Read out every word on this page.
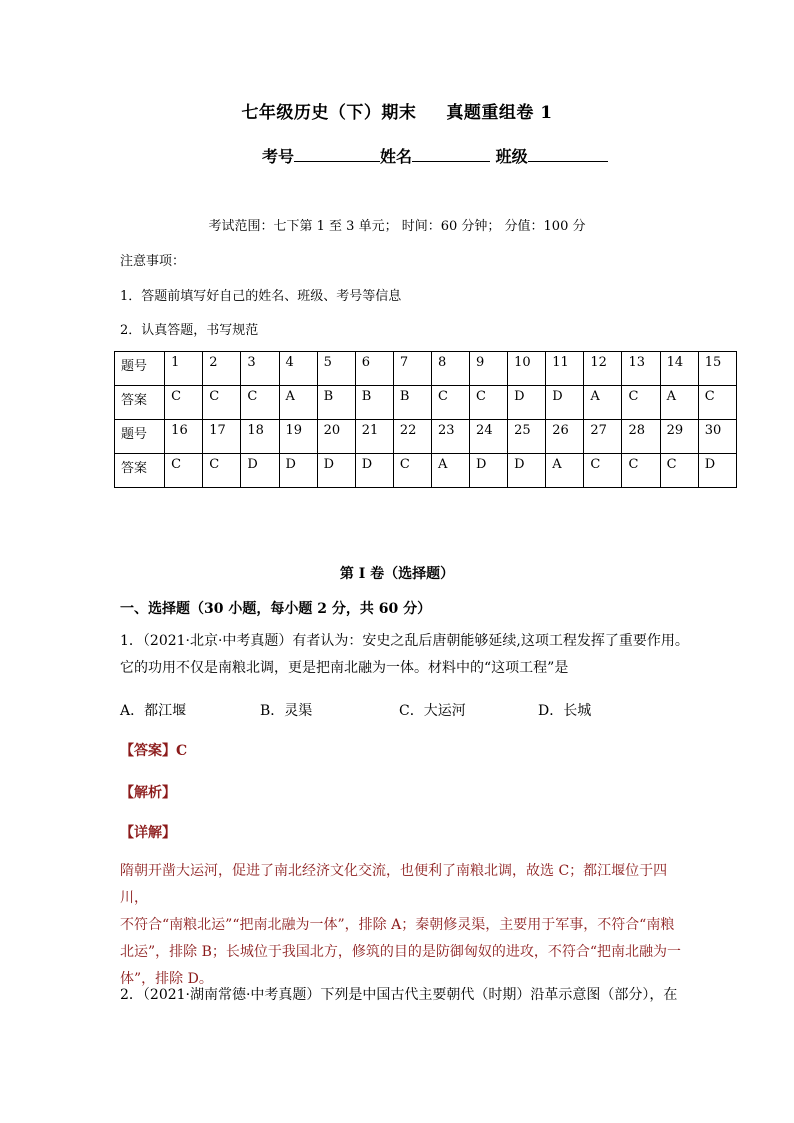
七年级历史（下）期末 真题重组卷 1
考号	姓名	班级
考试范围：七下第 1 至 3 单元； 时间：60 分钟； 分值：100 分
注意事项：
1．答题前填写好自己的姓名、班级、考号等信息
2．认真答题，书写规范
题号	1	2	3	4	5	6	7	8	9	10	11	12	13	14	15
答案	C	C	C	A	B	B	B	C	C	D	D	A	C	A	C
题号	16	17	18	19	20	21	22	23	24	25	26	27	28	29	30
答案	C	C	D	D	D	D	C	A	D	D	A	C	C	C	D
第 I 卷（选择题）
一、选择题（30 小题，每小题 2 分，共 60 分）
1．（2021·北京·中考真题）有者认为：安史之乱后唐朝能够延续,这项工程发挥了重要作用。
它的功用不仅是南粮北调，更是把南北融为一体。材料中的“这项工程”是
A．都江堰	B．灵渠	C．大运河	D．长城
【答案】C
【解析】
【详解】
隋朝开凿大运河，促进了南北经济文化交流，也便利了南粮北调，故选 C；都江堰位于四川，
不符合“南粮北运”“把南北融为一体”，排除 A；秦朝修灵渠，主要用于军事，不符合“南粮
北运”，排除 B；长城位于我国北方，修筑的目的是防御匈奴的进攻，不符合“把南北融为一
体”，排除 D。
2．（2021·湖南常德·中考真题）下列是中国古代主要朝代（时期）沿革示意图（部分），在
